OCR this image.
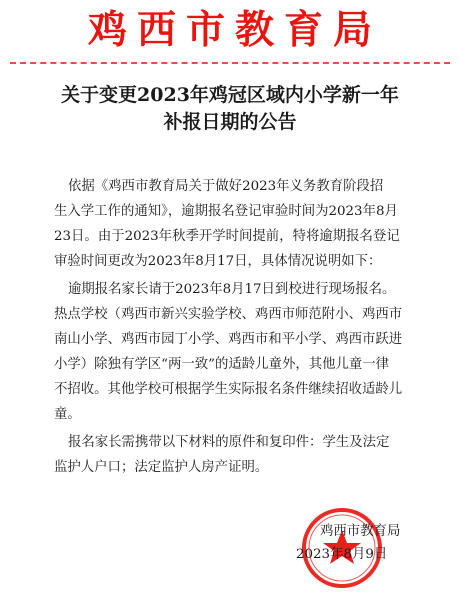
鸡西市教育局
关于变更2023年鸡冠区域内小学新一年
补报日期的公告
依据《鸡西市教育局关于做好2023年义务教育阶段招
生入学工作的通知》，逾期报名登记审验时间为2023年8月
23日。由于2023年秋季开学时间提前，特将逾期报名登记
审验时间更改为2023年8月17日，具体情况说明如下：
逾期报名家长请于2023年8月17日到校进行现场报名。
热点学校（鸡西市新兴实验学校、鸡西市师范附小、鸡西市
南山小学、鸡西市园丁小学、鸡西市和平小学、鸡西市跃进
小学）除独有学区“两一致”的适龄儿童外，其他儿童一律
不招收。其他学校可根据学生实际报名条件继续招收适龄儿
童。
报名家长需携带以下材料的原件和复印件：学生及法定
监护人户口；法定监护人房产证明。
鸡西市教育局
2023年8月9日
